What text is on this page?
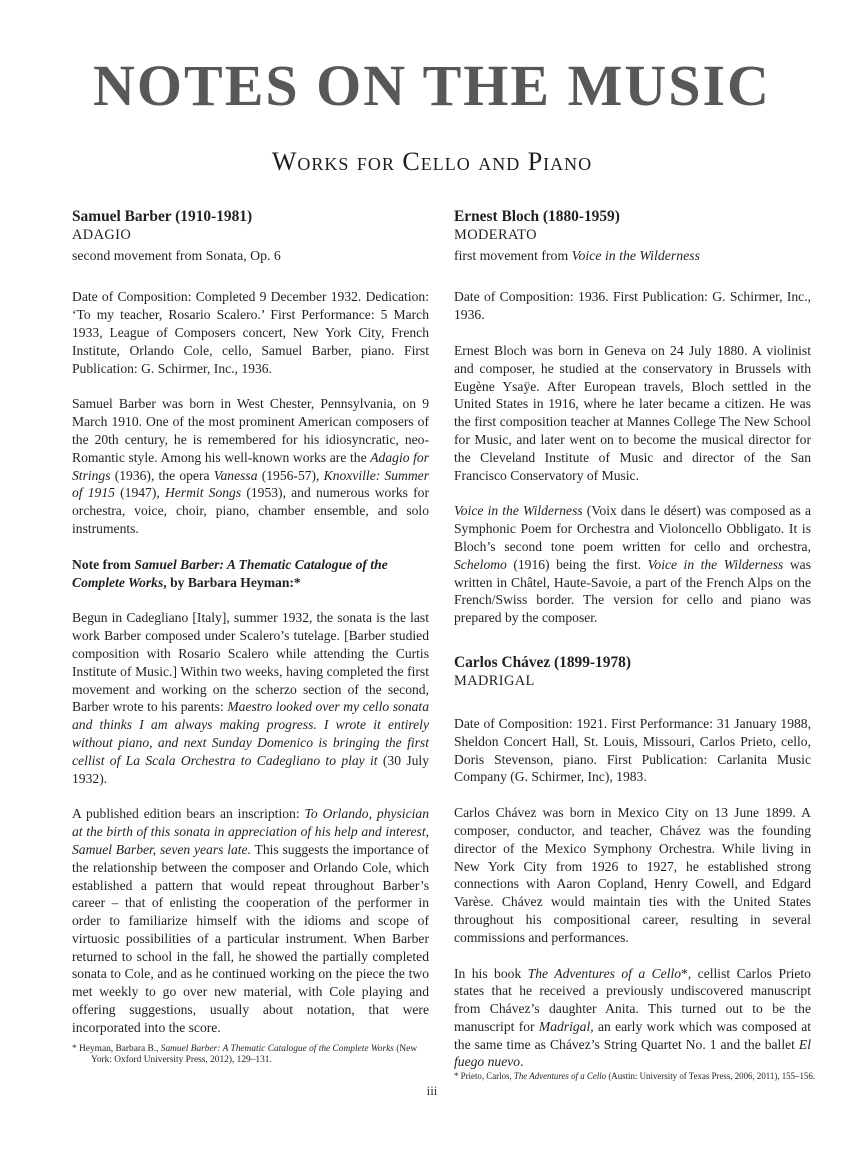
NOTES ON THE MUSIC
Works for Cello and Piano
Samuel Barber (1910-1981)
ADAGIO
second movement from Sonata, Op. 6

Date of Composition: Completed 9 December 1932. Dedication: ‘To my teacher, Rosario Scalero.’ First Performance: 5 March 1933, League of Composers concert, New York City, French Institute, Orlando Cole, cello, Samuel Barber, piano. First Publication: G. Schirmer, Inc., 1936.

Samuel Barber was born in West Chester, Pennsylvania, on 9 March 1910. One of the most prominent American composers of the 20th century, he is remembered for his idiosyncratic, neo-Romantic style. Among his well-known works are the Adagio for Strings (1936), the opera Vanessa (1956-57), Knoxville: Summer of 1915 (1947), Hermit Songs (1953), and numerous works for orchestra, voice, choir, piano, chamber ensemble, and solo instruments.

Note from Samuel Barber: A Thematic Catalogue of the Complete Works, by Barbara Heyman:*

Begun in Cadegliano [Italy], summer 1932, the sonata is the last work Barber composed under Scalero’s tutelage. [Barber studied composition with Rosario Scalero while attending the Curtis Institute of Music.] Within two weeks, having completed the first movement and working on the scherzo section of the second, Barber wrote to his parents: Maestro looked over my cello sonata and thinks I am always making progress. I wrote it entirely without piano, and next Sunday Domenico is bringing the first cellist of La Scala Orchestra to Cadegliano to play it (30 July 1932).

A published edition bears an inscription: To Orlando, physician at the birth of this sonata in appreciation of his help and interest, Samuel Barber, seven years late. This suggests the importance of the relationship between the composer and Orlando Cole, which established a pattern that would repeat throughout Barber’s career – that of enlisting the cooperation of the performer in order to familiarize himself with the idioms and scope of virtuosic possibilities of a particular instrument. When Barber returned to school in the fall, he showed the partially completed sonata to Cole, and as he continued working on the piece the two met weekly to go over new material, with Cole playing and offering suggestions, usually about notation, that were incorporated into the score.

* Heyman, Barbara B., Samuel Barber: A Thematic Catalogue of the Complete Works (New York: Oxford University Press, 2012), 129–131.
Ernest Bloch (1880-1959)
MODERATO
first movement from Voice in the Wilderness

Date of Composition: 1936. First Publication: G. Schirmer, Inc., 1936.

Ernest Bloch was born in Geneva on 24 July 1880. A violinist and composer, he studied at the conservatory in Brussels with Eugène Ysaÿe. After European travels, Bloch settled in the United States in 1916, where he later became a citizen. He was the first composition teacher at Mannes College The New School for Music, and later went on to become the musical director for the Cleveland Institute of Music and director of the San Francisco Conservatory of Music.

Voice in the Wilderness (Voix dans le désert) was composed as a Symphonic Poem for Orchestra and Violoncello Obbligato. It is Bloch’s second tone poem written for cello and orchestra, Schelomo (1916) being the first. Voice in the Wilderness was written in Châtel, Haute-Savoie, a part of the French Alps on the French/Swiss border. The version for cello and piano was prepared by the composer.

Carlos Chávez (1899-1978)
MADRIGAL

Date of Composition: 1921. First Performance: 31 January 1988, Sheldon Concert Hall, St. Louis, Missouri, Carlos Prieto, cello, Doris Stevenson, piano. First Publication: Carlanita Music Company (G. Schirmer, Inc), 1983.

Carlos Chávez was born in Mexico City on 13 June 1899. A composer, conductor, and teacher, Chávez was the founding director of the Mexico Symphony Orchestra. While living in New York City from 1926 to 1927, he established strong connections with Aaron Copland, Henry Cowell, and Edgard Varèse. Chávez would maintain ties with the United States throughout his compositional career, resulting in several commissions and performances.

In his book The Adventures of a Cello*, cellist Carlos Prieto states that he received a previously undiscovered manuscript from Chávez’s daughter Anita. This turned out to be the manuscript for Madrigal, an early work which was composed at the same time as Chávez’s String Quartet No. 1 and the ballet El fuego nuevo.

* Prieto, Carlos, The Adventures of a Cello (Austin: University of Texas Press, 2006, 2011), 155–156.
iii
